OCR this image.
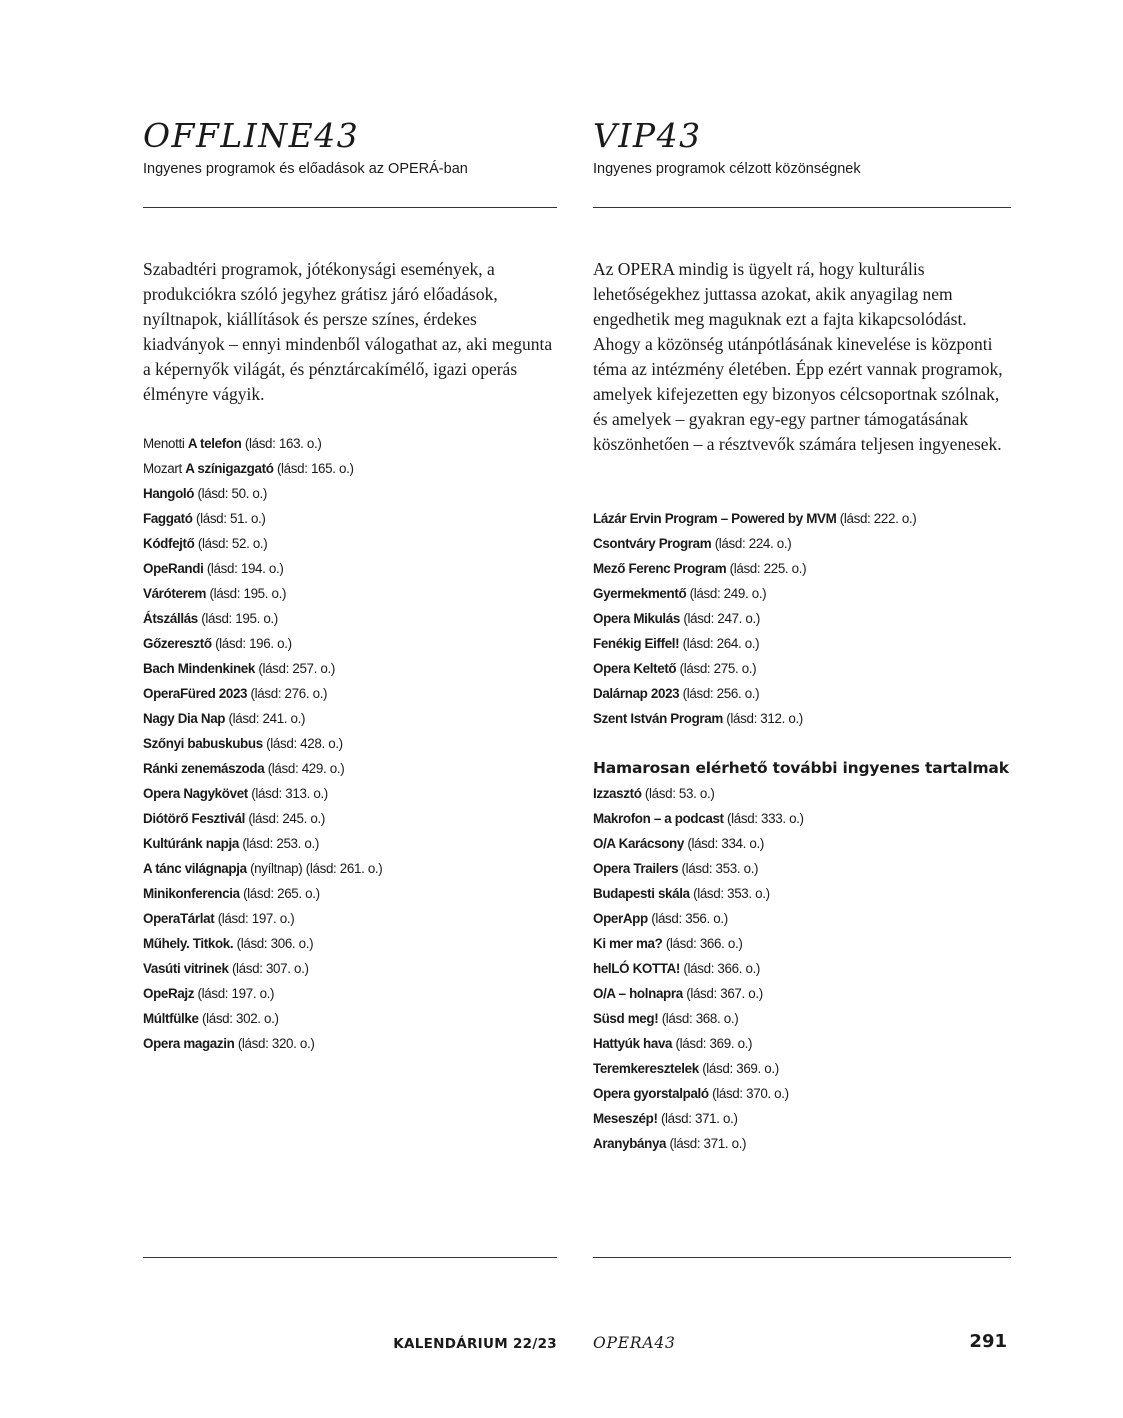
OFFLINE43
Ingyenes programok és előadások az OPERÁ-ban

Szabadtéri programok, jótékonysági események, a produkciókra szóló jegyhez grátisz járó előadások, nyíltnapok, kiállítások és persze színes, érdekes kiadványok – ennyi mindenből válogathat az, aki megunta a képernyők világát, és pénztárcakímélő, igazi operás élményre vágyik.

Menotti A telefon (lásd: 163. o.)
Mozart A színigazgató (lásd: 165. o.)
Hangoló (lásd: 50. o.)
Faggató (lásd: 51. o.)
Kódfejtő (lásd: 52. o.)
OpeRandi (lásd: 194. o.)
Váróterem (lásd: 195. o.)
Átszállás (lásd: 195. o.)
Gőzeresztő (lásd: 196. o.)
Bach Mindenkinek (lásd: 257. o.)
OperaFüred 2023 (lásd: 276. o.)
Nagy Dia Nap (lásd: 241. o.)
Szőnyi babuskubus (lásd: 428. o.)
Ránki zenemászoda (lásd: 429. o.)
Opera Nagykövet (lásd: 313. o.)
Diótörő Fesztivál (lásd: 245. o.)
Kultúránk napja (lásd: 253. o.)
A tánc világnapja (nyíltnap) (lásd: 261. o.)
Minikonferencia (lásd: 265. o.)
OperaTárlat (lásd: 197. o.)
Műhely. Titkok. (lásd: 306. o.)
Vasúti vitrinek (lásd: 307. o.)
OpeRajz (lásd: 197. o.)
Múltfülke (lásd: 302. o.)
Opera magazin (lásd: 320. o.)
VIP43
Ingyenes programok célzott közönségnek

Az OPERA mindig is ügyelt rá, hogy kulturális lehetőségekhez juttassa azokat, akik anyagilag nem engedhetik meg maguknak ezt a fajta kikapcsolódást. Ahogy a közönség utánpótlásának kinevelése is központi téma az intézmény életében. Épp ezért vannak programok, amelyek kifejezetten egy bizonyos célcsoportnak szólnak, és amelyek – gyakran egy-egy partner támogatásának köszönhetően – a résztvevők számára teljesen ingyenesek.

Lázár Ervin Program – Powered by MVM (lásd: 222. o.)
Csontváry Program (lásd: 224. o.)
Mező Ferenc Program (lásd: 225. o.)
Gyermekmentő (lásd: 249. o.)
Opera Mikulás (lásd: 247. o.)
Fenékig Eiffel! (lásd: 264. o.)
Opera Keltető (lásd: 275. o.)
Dalárnap 2023 (lásd: 256. o.)
Szent István Program (lásd: 312. o.)
Hamarosan elérhető további ingyenes tartalmak
Izzasztó (lásd: 53. o.)
Makrofon – a podcast (lásd: 333. o.)
O/A Karácsony (lásd: 334. o.)
Opera Trailers (lásd: 353. o.)
Budapesti skála (lásd: 353. o.)
OperApp (lásd: 356. o.)
Ki mer ma? (lásd: 366. o.)
helLÓ KOTTA! (lásd: 366. o.)
O/A – holnapra (lásd: 367. o.)
Süsd meg! (lásd: 368. o.)
Hattyúk hava (lásd: 369. o.)
Teremkeresztelek (lásd: 369. o.)
Opera gyorstalpaló (lásd: 370. o.)
Meseszép! (lásd: 371. o.)
Aranybánya (lásd: 371. o.)
KALENDÁRIUM 22/23 OPERA43	291
